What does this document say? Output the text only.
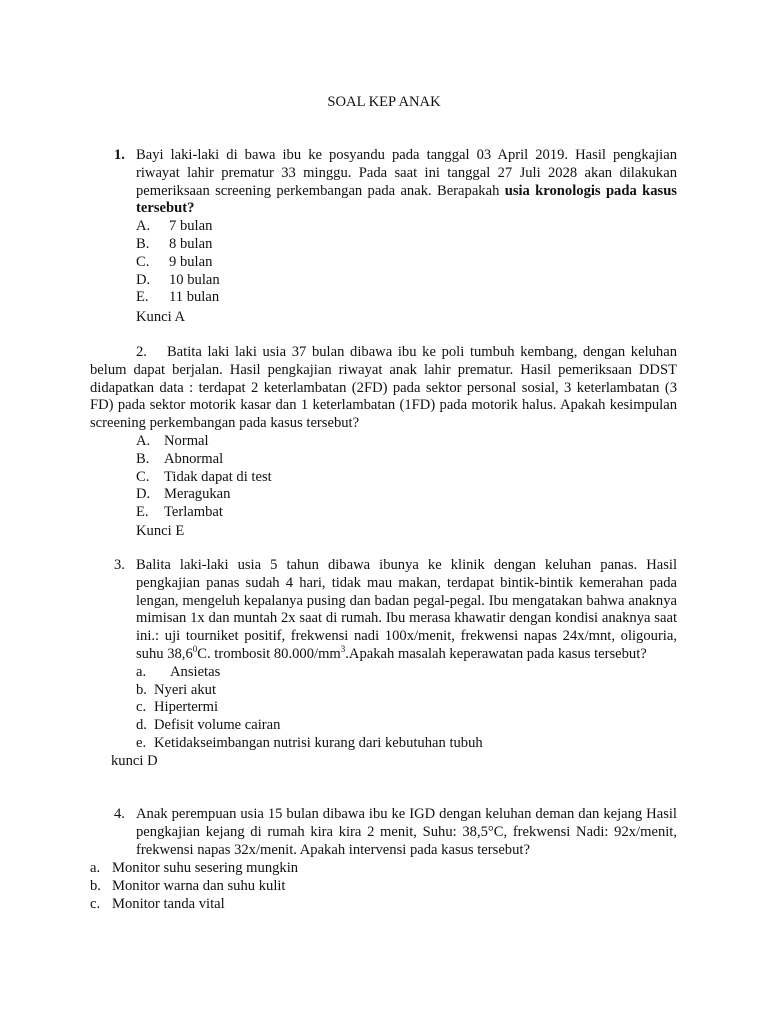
SOAL KEP ANAK
1. Bayi laki-laki di bawa ibu ke posyandu pada tanggal 03 April 2019. Hasil pengkajian riwayat lahir prematur 33 minggu. Pada saat ini tanggal 27 Juli 2028 akan dilakukan pemeriksaan screening perkembangan pada anak. Berapakah usia kronologis pada kasus tersebut?

A. 7 bulan
B. 8 bulan
C. 9 bulan
D. 10 bulan
E. 11 bulan
Kunci A

2. Batita laki laki usia 37 bulan dibawa ibu ke poli tumbuh kembang, dengan keluhan belum dapat berjalan. Hasil pengkajian riwayat anak lahir prematur. Hasil pemeriksaan DDST didapatkan data : terdapat 2 keterlambatan (2FD) pada sektor personal sosial, 3 keterlambatan (3 FD) pada sektor motorik kasar dan 1 keterlambatan (1FD) pada motorik halus. Apakah kesimpulan screening perkembangan pada kasus tersebut?

A. Normal
B. Abnormal
C. Tidak dapat di test
D. Meragukan
E. Terlambat
Kunci E
3. Balita laki-laki usia 5 tahun dibawa ibunya ke klinik dengan keluhan panas. Hasil pengkajian panas sudah 4 hari, tidak mau makan, terdapat bintik-bintik kemerahan pada lengan, mengeluh kepalanya pusing dan badan pegal-pegal. Ibu mengatakan bahwa anaknya mimisan 1x dan muntah 2x saat di rumah. Ibu merasa khawatir dengan kondisi anaknya saat ini.: uji tourniket positif, frekwensi nadi 100x/menit, frekwensi napas 24x/mnt, oligouria, suhu 38,6$^0$C. trombosit $80.000/mm^3.Apakah$ masalah keperawatan pada kasus tersebut?

a. Ansietas
b. Nyeri akut
c. Hipertermi
d. Defisit volume cairan
e. Ketidakseimbangan nutrisi kurang dari kebutuhan tubuh
kunci D
4. Anak perempuan usia 15 bulan dibawa ibu ke IGD dengan keluhan deman dan kejang Hasil pengkajian kejang di rumah kira kira 2 menit, Suhu: 38,5°C, frekwensi Nadi: 92x/menit, frekwensi napas 32x/menit. Apakah intervensi pada kasus tersebut?

a. Monitor suhu sesering mungkin
b. Monitor warna dan suhu kulit
c. Monitor tanda vital
